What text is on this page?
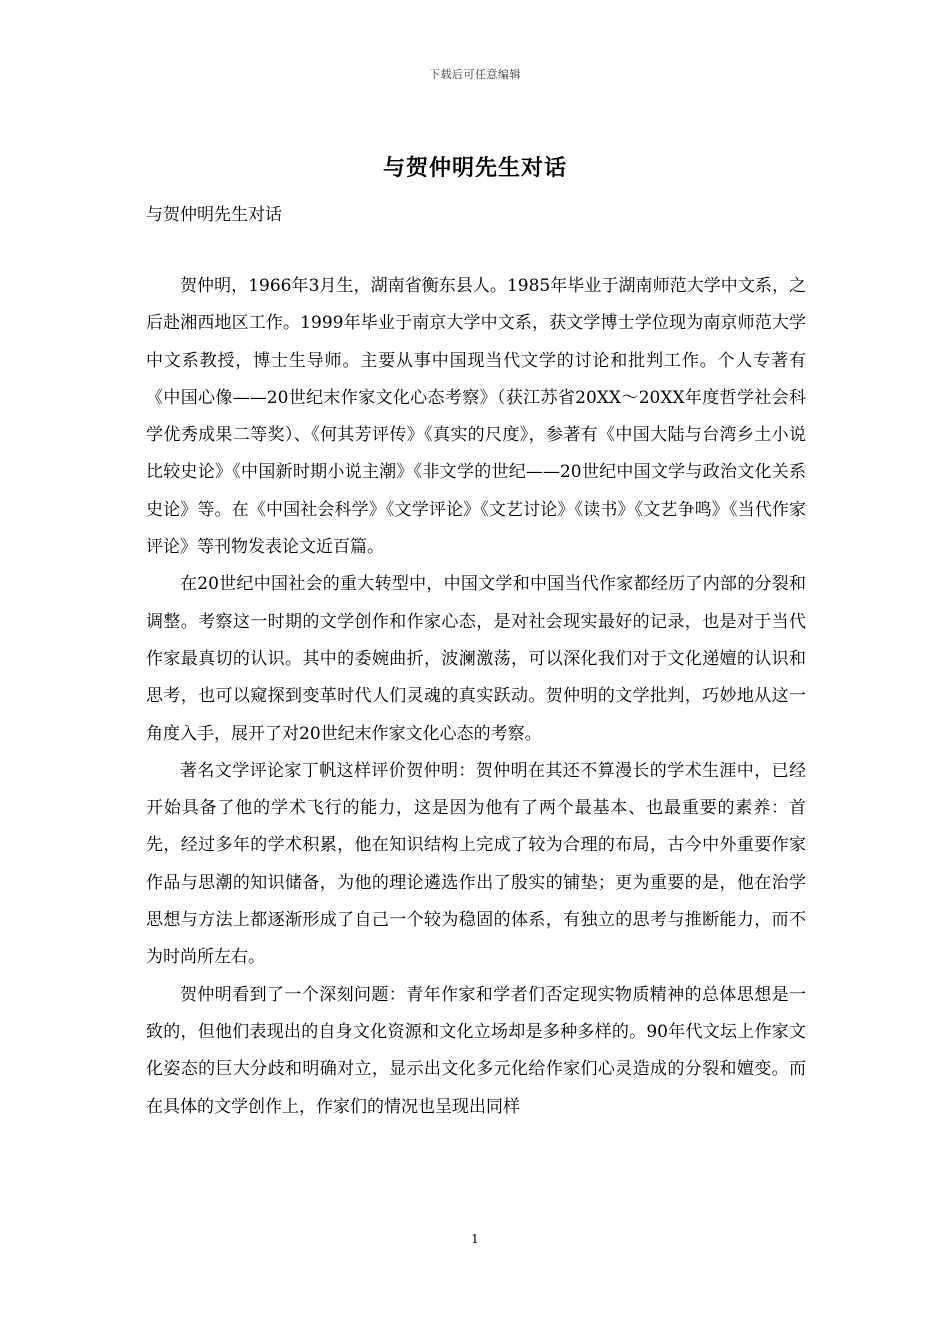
下载后可任意编辑
与贺仲明先生对话
与贺仲明先生对话

贺仲明，1966年3月生，湖南省衡东县人。1985年毕业于湖南师范大学中文系，之后赴湘西地区工作。1999年毕业于南京大学中文系，获文学博士学位现为南京师范大学中文系教授，博士生导师。主要从事中国现当代文学的讨论和批判工作。个人专著有《中国心像——20世纪末作家文化心态考察》（获江苏省20XX～20XX年度哲学社会科学优秀成果二等奖）、《何其芳评传》《真实的尺度》，参著有《中国大陆与台湾乡土小说比较史论》《中国新时期小说主潮》《非文学的世纪——20世纪中国文学与政治文化关系史论》等。在《中国社会科学》《文学评论》《文艺讨论》《读书》《文艺争鸣》《当代作家评论》等刊物发表论文近百篇。

在20世纪中国社会的重大转型中，中国文学和中国当代作家都经历了内部的分裂和调整。考察这一时期的文学创作和作家心态，是对社会现实最好的记录，也是对于当代作家最真切的认识。其中的委婉曲折，波澜激荡，可以深化我们对于文化递嬗的认识和思考，也可以窥探到变革时代人们灵魂的真实跃动。贺仲明的文学批判，巧妙地从这一角度入手，展开了对20世纪末作家文化心态的考察。

著名文学评论家丁帆这样评价贺仲明：贺仲明在其还不算漫长的学术生涯中，已经开始具备了他的学术飞行的能力，这是因为他有了两个最基本、也最重要的素养：首先，经过多年的学术积累，他在知识结构上完成了较为合理的布局，古今中外重要作家作品与思潮的知识储备，为他的理论遴选作出了殷实的铺垫；更为重要的是，他在治学思想与方法上都逐渐形成了自己一个较为稳固的体系，有独立的思考与推断能力，而不为时尚所左右。

贺仲明看到了一个深刻问题：青年作家和学者们否定现实物质精神的总体思想是一致的，但他们表现出的自身文化资源和文化立场却是多种多样的。90年代文坛上作家文化姿态的巨大分歧和明确对立，显示出文化多元化给作家们心灵造成的分裂和嬗变。而在具体的文学创作上，作家们的情况也呈现出同样

1
